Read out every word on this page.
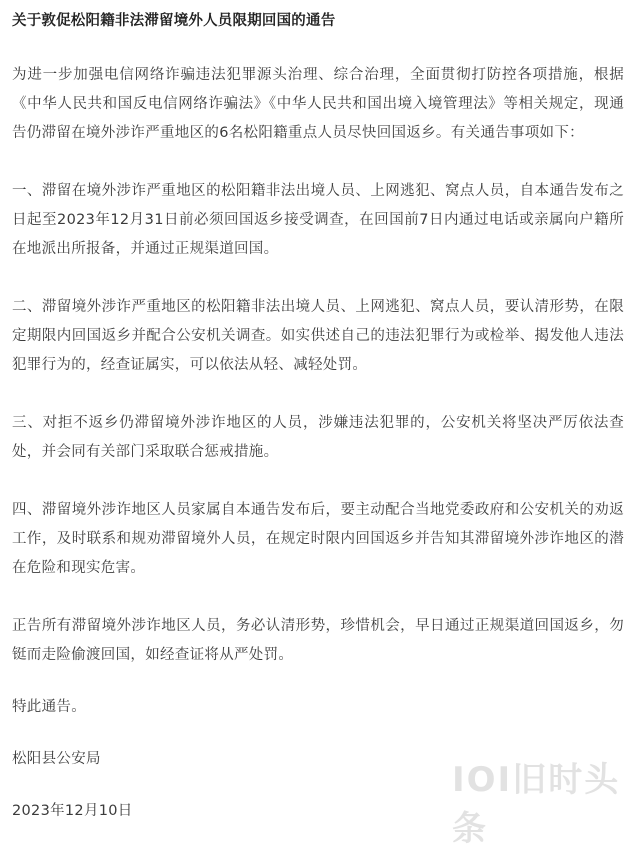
关于敦促松阳籍非法滞留境外人员限期回国的通告

为进一步加强电信网络诈骗违法犯罪源头治理、综合治理，全面贯彻打防控各项措施，根据《中华人民共和国反电信网络诈骗法》《中华人民共和国出境入境管理法》等相关规定，现通告仍滞留在境外涉诈严重地区的6名松阳籍重点人员尽快回国返乡。有关通告事项如下：

一、滞留在境外涉诈严重地区的松阳籍非法出境人员、上网逃犯、窝点人员，自本通告发布之日起至2023年12月31日前必须回国返乡接受调查，在回国前7日内通过电话或亲属向户籍所在地派出所报备，并通过正规渠道回国。

二、滞留境外涉诈严重地区的松阳籍非法出境人员、上网逃犯、窝点人员，要认清形势，在限定期限内回国返乡并配合公安机关调查。如实供述自己的违法犯罪行为或检举、揭发他人违法犯罪行为的，经查证属实，可以依法从轻、减轻处罚。

三、对拒不返乡仍滞留境外涉诈地区的人员，涉嫌违法犯罪的，公安机关将坚决严厉依法查处，并会同有关部门采取联合惩戒措施。

四、滞留境外涉诈地区人员家属自本通告发布后，要主动配合当地党委政府和公安机关的劝返工作，及时联系和规劝滞留境外人员，在规定时限内回国返乡并告知其滞留境外涉诈地区的潜在危险和现实危害。

正告所有滞留境外涉诈地区人员，务必认清形势，珍惜机会，早日通过正规渠道回国返乡，勿铤而走险偷渡回国，如经查证将从严处罚。

特此通告。

松阳县公安局

2023年12月10日

IOI旧时头条
